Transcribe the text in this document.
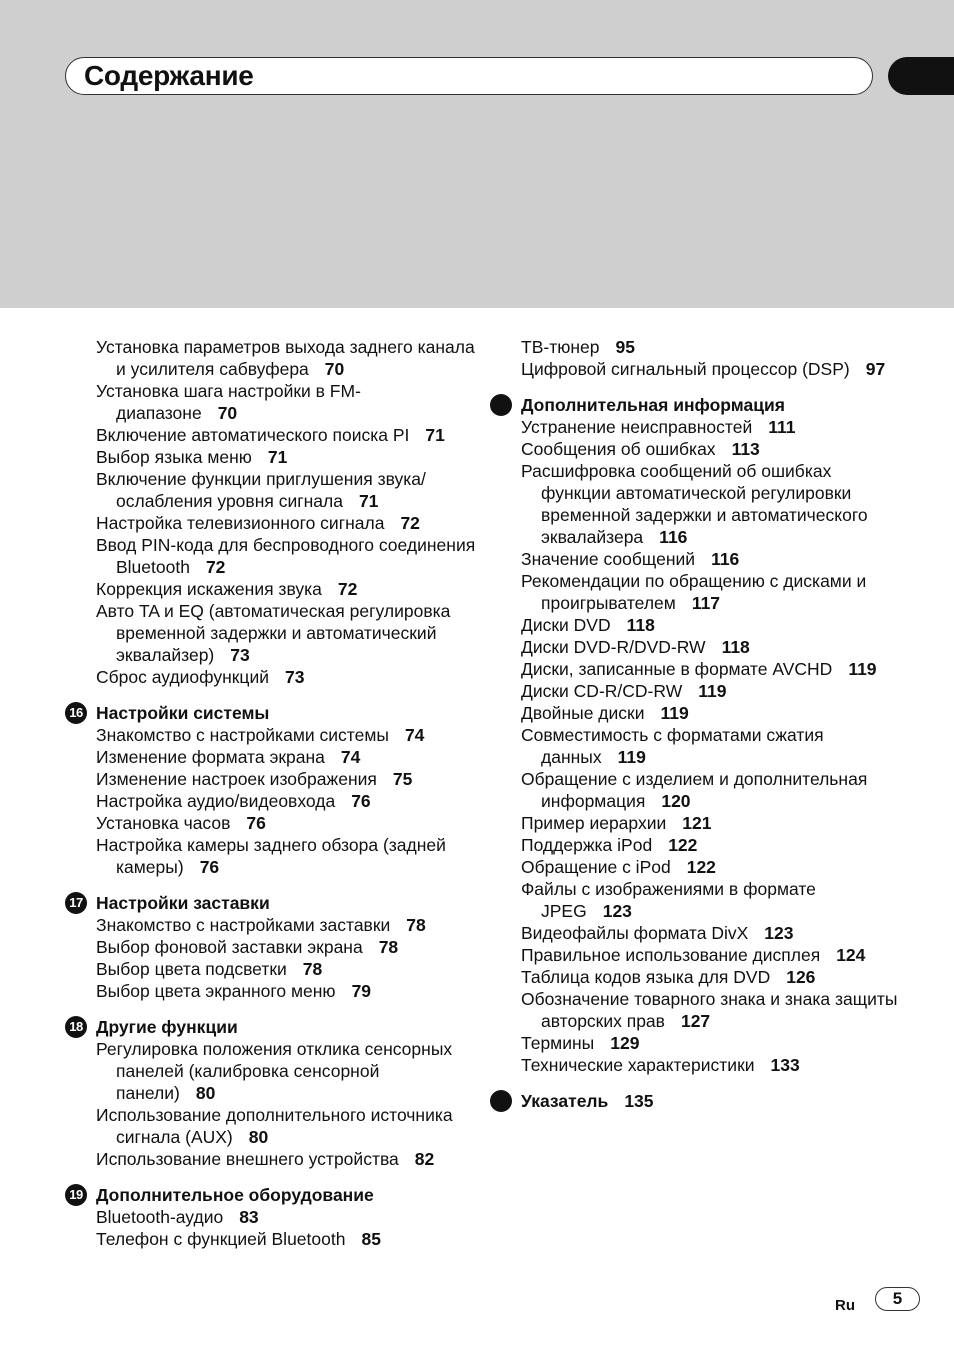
Содержание
Установка параметров выхода заднего канала и усилителя сабвуфера 70
Установка шага настройки в FM-диапазоне 70
Включение автоматического поиска PI 71
Выбор языка меню 71
Включение функции приглушения звука/ослабления уровня сигнала 71
Настройка телевизионного сигнала 72
Ввод PIN-кода для беспроводного соединения Bluetooth 72
Коррекция искажения звука 72
Авто TA и EQ (автоматическая регулировка временной задержки и автоматический эквалайзер) 73
Сброс аудиофункций 73
16 Настройки системы
Знакомство с настройками системы 74
Изменение формата экрана 74
Изменение настроек изображения 75
Настройка аудио/видеовхода 76
Установка часов 76
Настройка камеры заднего обзора (задней камеры) 76
17 Настройки заставки
Знакомство с настройками заставки 78
Выбор фоновой заставки экрана 78
Выбор цвета подсветки 78
Выбор цвета экранного меню 79
18 Другие функции
Регулировка положения отклика сенсорных панелей (калибровка сенсорной панели) 80
Использование дополнительного источника сигнала (AUX) 80
Использование внешнего устройства 82
19 Дополнительное оборудование
Bluetooth-аудио 83
Телефон с функцией Bluetooth 85
ТВ-тюнер 95
Цифровой сигнальный процессор (DSP) 97
Дополнительная информация
Устранение неисправностей 111
Сообщения об ошибках 113
Расшифровка сообщений об ошибках функции автоматической регулировки временной задержки и автоматического эквалайзера 116
Значение сообщений 116
Рекомендации по обращению с дисками и проигрывателем 117
Диски DVD 118
Диски DVD-R/DVD-RW 118
Диски, записанные в формате AVCHD 119
Диски CD-R/CD-RW 119
Двойные диски 119
Совместимость с форматами сжатия данных 119
Обращение с изделием и дополнительная информация 120
Пример иерархии 121
Поддержка iPod 122
Обращение с iPod 122
Файлы с изображениями в формате JPEG 123
Видеофайлы формата DivX 123
Правильное использование дисплея 124
Таблица кодов языка для DVD 126
Обозначение товарного знака и знака защиты авторских прав 127
Термины 129
Технические характеристики 133
Указатель 135
Ru	5
